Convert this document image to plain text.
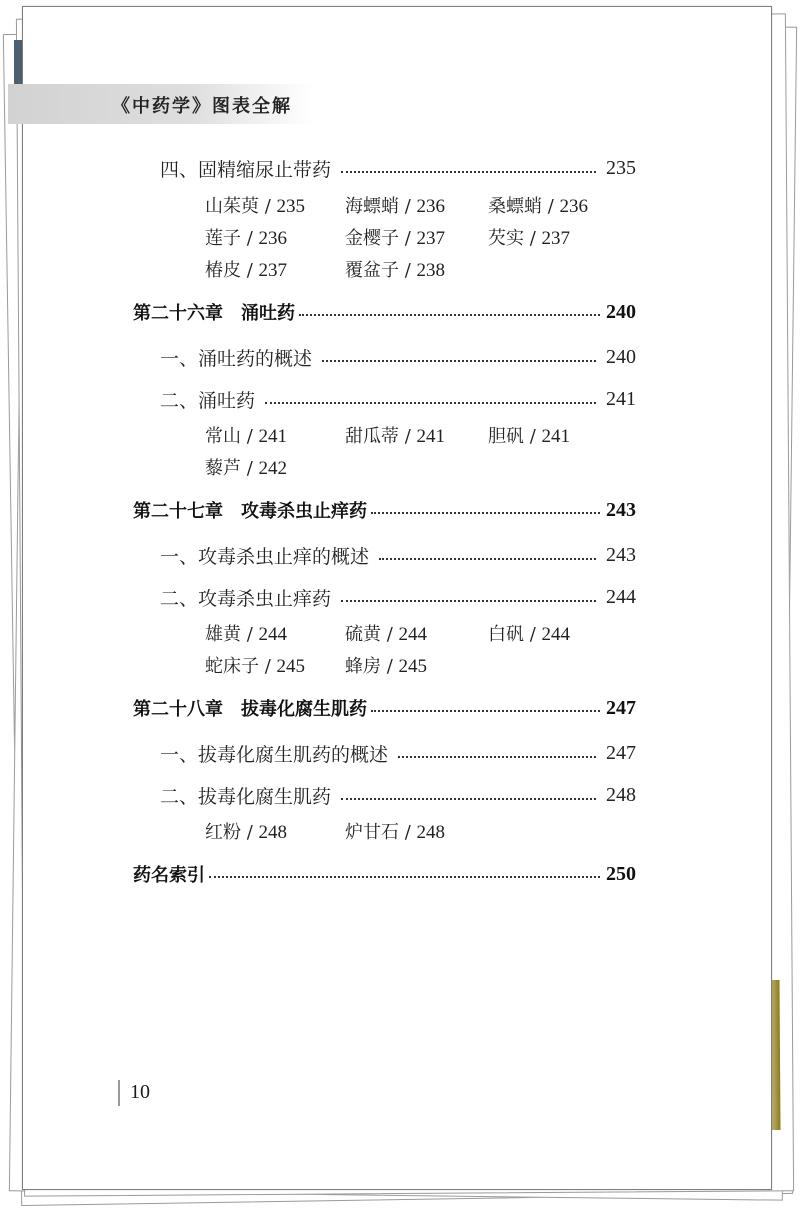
《中药学》图表全解
四、固精缩尿止带药	235
山茱萸 / 235 海螵蛸 / 236 桑螵蛸 / 236
莲子 / 236	金樱子 / 237 芡实 / 237
椿皮 / 237	覆盆子 / 238
第二十六章 涌吐药	240
一、涌吐药的概述	240
二、涌吐药	241
常山 / 241	甜瓜蒂 / 241 胆矾 / 241
藜芦 / 242
第二十七章 攻毒杀虫止痒药	243
一、攻毒杀虫止痒的概述	243
二、攻毒杀虫止痒药	244
雄黄 / 244	硫黄 / 244	白矾 / 244
蛇床子 / 245 蜂房 / 245
第二十八章 拔毒化腐生肌药	247
一、拔毒化腐生肌药的概述	247
二、拔毒化腐生肌药	248
红粉 / 248	炉甘石 / 248
药名索引	250
10
